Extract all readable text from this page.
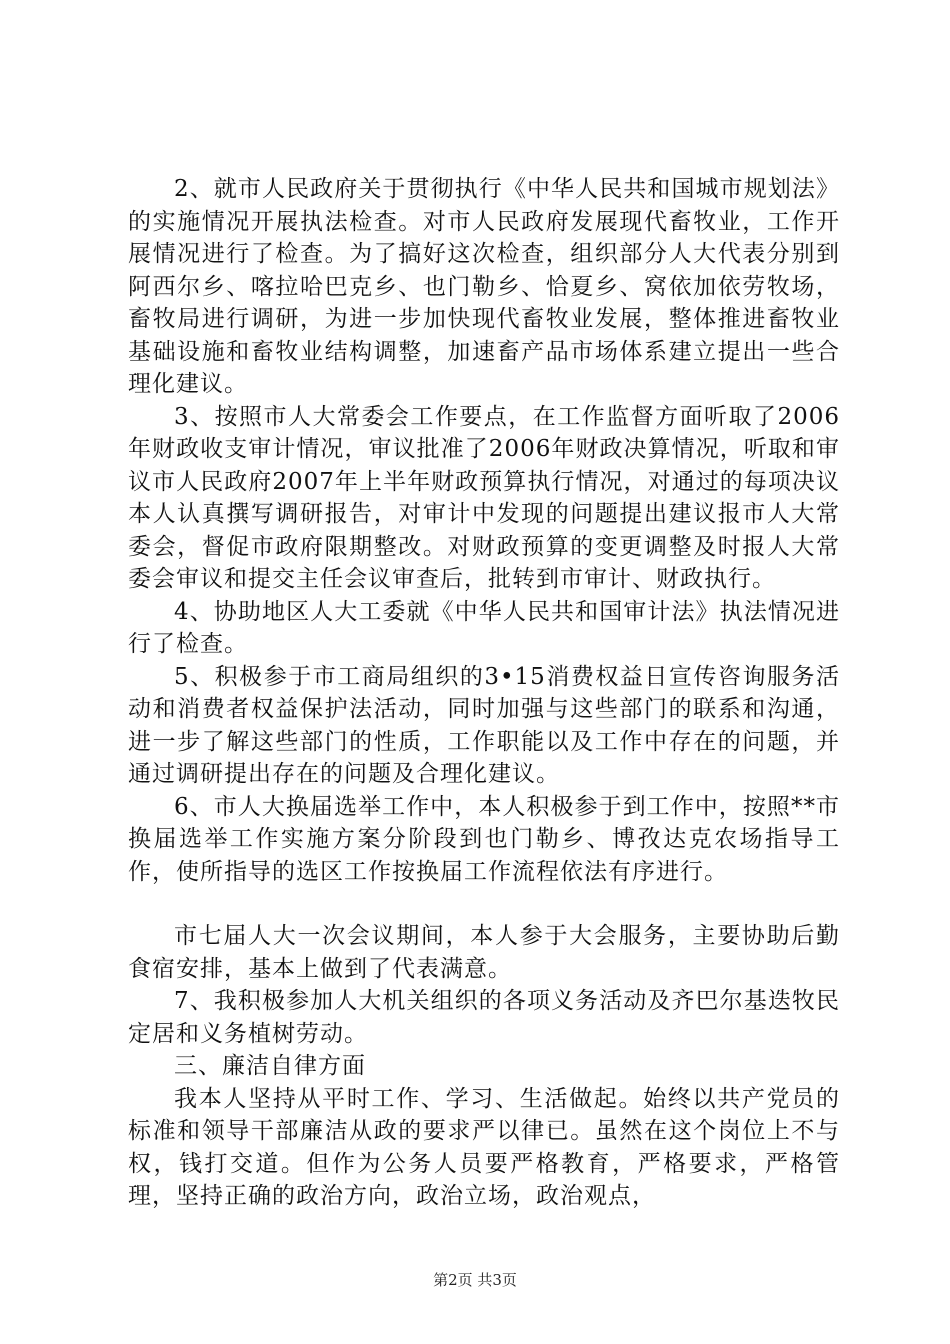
2、就市人民政府关于贯彻执行《中华人民共和国城市规划法》的实施情况开展执法检查。对市人民政府发展现代畜牧业，工作开展情况进行了检查。为了搞好这次检查，组织部分人大代表分别到阿西尔乡、喀拉哈巴克乡、也门勒乡、恰夏乡、窝依加依劳牧场，畜牧局进行调研，为进一步加快现代畜牧业发展，整体推进畜牧业基础设施和畜牧业结构调整，加速畜产品市场体系建立提出一些合理化建议。

3、按照市人大常委会工作要点，在工作监督方面听取了2006年财政收支审计情况，审议批准了2006年财政决算情况，听取和审议市人民政府2007年上半年财政预算执行情况，对通过的每项决议本人认真撰写调研报告，对审计中发现的问题提出建议报市人大常委会，督促市政府限期整改。对财政预算的变更调整及时报人大常委会审议和提交主任会议审查后，批转到市审计、财政执行。

4、协助地区人大工委就《中华人民共和国审计法》执法情况进行了检查。

5、积极参于市工商局组织的3•15消费权益日宣传咨询服务活动和消费者权益保护法活动，同时加强与这些部门的联系和沟通，进一步了解这些部门的性质，工作职能以及工作中存在的问题，并通过调研提出存在的问题及合理化建议。

6、市人大换届选举工作中，本人积极参于到工作中，按照**市换届选举工作实施方案分阶段到也门勒乡、博孜达克农场指导工作，使所指导的选区工作按换届工作流程依法有序进行。

市七届人大一次会议期间，本人参于大会服务，主要协助后勤食宿安排，基本上做到了代表满意。

7、我积极参加人大机关组织的各项义务活动及齐巴尔基迭牧民定居和义务植树劳动。

三、廉洁自律方面

我本人坚持从平时工作、学习、生活做起。始终以共产党员的标准和领导干部廉洁从政的要求严以律已。虽然在这个岗位上不与权，钱打交道。但作为公务人员要严格教育，严格要求，严格管理，坚持正确的政治方向，政治立场，政治观点，

第2页 共3页
